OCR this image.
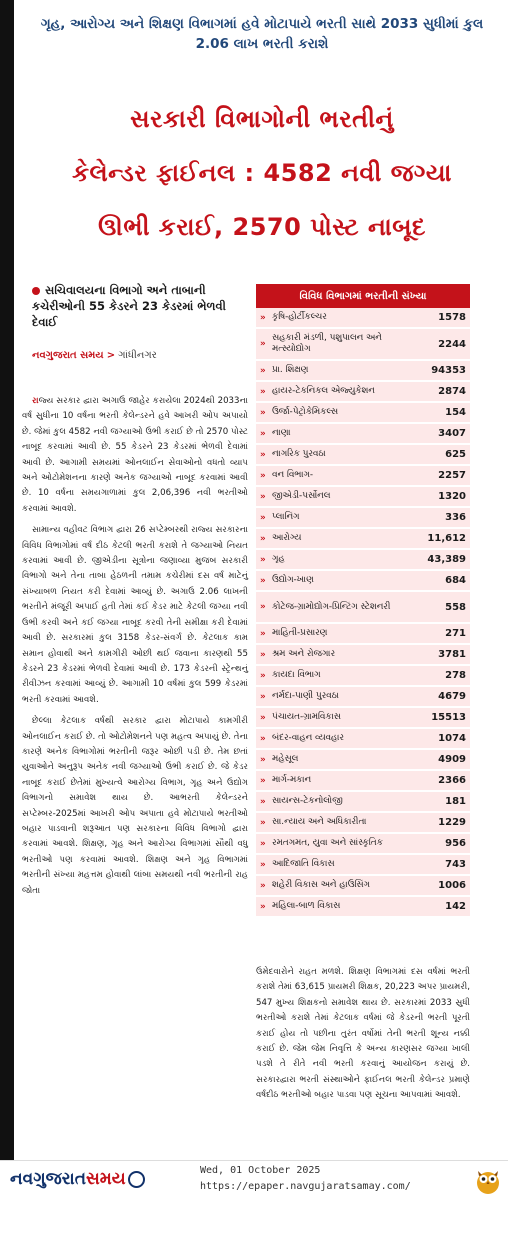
ગૃહ, આરોગ્ય અને શિક્ષણ વિભાગમાં હવે મોટાપાયે ભરતી સાથે 2033 સુધીમાં કુલ 2.06 લાખ ભરતી કરાશે
સરકારી વિભાગોની ભરતીનું
કેલેન્ડર ફાઈનલ : 4582 નવી જગ્યા
ઊભી કરાઈ, 2570 પોસ્ટ નાબૂદ
સચિવાલયના વિભાગો અને તાબાની કચેરીઓની 55 કેડરને 23 કેડરમાં ભેળવી દેવાઈ
નવગુજરાત સમય > ગાંધીનગર

રાજ્ય સરકાર દ્વારા અગાઉ જાહેર કરાયેલા 2024થી 2033ના વર્ષ સુધીના 10 વર્ષના ભરતી કેલેન્ડરને હવે આખરી ઓપ અપાયો છે. જેમાં કુલ 4582 નવી જગ્યાઓ ઉભી કરાઈ છે તો 2570 પોસ્ટ નાબૂદ કરવામાં આવી છે. 55 કેડરને 23 કેડરમાં ભેળવી દેવામાં આવી છે. આગામી સમયમાં ઓનલાઈન સેવાઓનો વધતો વ્યાપ અને ઓટોમેશનના કારણે અનેક જગ્યાઓ નાબૂદ કરવામાં આવી છે. 10 વર્ષના સમયગાળામાં કુલ 2,06,396 નવી ભરતીઓ કરવામાં આવશે.

સામાન્ય વહીવટ વિભાગ દ્વારા 26 સપ્ટેમ્બરથી રાજ્ય સરકારના વિવિધ વિભાગોમાં વર્ષ દીઠ કેટલી ભરતી કરાશે તે જગ્યાઓ નિયત કરવામાં આવી છે. જીએડીના સૂત્રોના જણાવ્યા મુજબ સરકારી વિભાગો અને તેના તાબા હેઠળની તમામ કચેરીમાં દસ વર્ષ માટેનું સંખ્યાબળ નિયત કરી દેવામાં આવ્યું છે. અગાઉ 2.06 લાખની ભરતીને મંજૂરી અપાઈ હતી તેમાં કઈ કેડર માટે કેટલી જગ્યા નવી ઉભી કરવી અને કઈ જગ્યા નાબૂદ કરવી તેની સમીક્ષા કરી દેવામાં આવી છે. સરકારમાં કુલ 3158 કેડર-સંવર્ગ છે. કેટલાક કામ સમાન હોવાથી અને કામગીરી ઓછી થઈ જવાના કારણથી 55 કેડરને 23 કેડરમાં ભેળવી દેવામાં આવી છે. 173 કેડરની સ્ટ્રેન્થનું રીવીઝન કરવામાં આવ્યું છે. આગામી 10 વર્ષમાં કુલ 599 કેડરમાં ભરતી કરવામાં આવશે.

છેલ્લા કેટલાક વર્ષથી સરકાર દ્વારા મોટાપાયે કામગીરી ઓનલાઈન કરાઈ છે. તો ઓટોમેશનને પણ મહત્વ અપાયું છે. તેના કારણે અનેક વિભાગોમાં ભરતીની જરૂર ઓછી પડી છે. તેમ છતાં યુવાઓને અનુરૂપ અનેક નવી જગ્યાઓ ઉભી કરાઈ છે. જે કેડર નાબૂદ કરાઈ છેતેમાં મુખ્યત્વે આરોગ્ય વિભાગ, ગૃહ અને ઉદ્યોગ વિભાગનો સમાવેશ થાય છે. આભરતી કેલેન્ડરને સપ્ટેમ્બર-2025માં આખરી ઓપ અપાતા હવે મોટાપાયે ભરતીઓ બહાર પાડવાની શરૂઆત પણ સરકારના વિવિધ વિભાગો દ્વારા કરવામાં આવશે. શિક્ષણ, ગૃહ અને આરોગ્ય વિભાગમાં સૌથી વધુ ભરતીઓ પણ કરવામાં આવશે. શિક્ષણ અને ગૃહ વિભાગમાં ભરતીની સંખ્યા મહત્તમ હોવાથી લાંબા સમયથી નવી ભરતીની રાહ જોતા

વિવિધ વિભાગમાં ભરતીની સંખ્યા
» કૃષિ-હોર્ટીકલ્ચર	1578
»
સહકારી મંડળી, પશુપાલન અને મત્સ્યોદ્યોગ	2244
» પ્રા. શિક્ષણ	94353
» હાયર-ટેકનિકલ એજ્યુકેશન	2874
» ઉર્જા-પેટ્રોકેમિકલ્સ	154
» નાણા	3407
» નાગરિક પુરવઠા	625
» વન વિભાગ-	2257
» જીએડી-પર્સોનલ	1320
» પ્લાનિંગ	336
» આરોગ્ય	11,612
» ગૃહ	43,389
» ઉદ્યોગ-ખાણ	684
» કોટેજ-ગ્રામોદ્યોગ-પ્રિન્ટિંગ સ્ટેશનરી	558
» માહિતી-પ્રસારણ	271
» શ્રમ અને રોજગાર	3781
» કાયદા વિભાગ	278
» નર્મદા-પાણી પુરવઠા	4679
» પંચાયત-ગ્રામવિકાસ	15513
» બંદર-વાહન વ્યવહાર	1074
» મહેસૂલ	4909
» માર્ગ-મકાન	2366
» સાયન્સ-ટેકનોલોજી	181
» સા.ન્યાય અને અધિકારીતા	1229
» રમતગમત, યુવા અને સાંસ્કૃતિક	956
» આદિજાતિ વિકાસ	743
» શહેરી વિકાસ અને હાઉસિંગ	1006
» મહિલા-બાળ વિકાસ	142
ઉમેદવારોને રાહત મળશે. શિક્ષણ વિભાગમાં દસ વર્ષમાં ભરતી કરાશે તેમાં 63,615 પ્રાયમરી શિક્ષક, 20,223 અપર પ્રાયમરી, 547 મુખ્ય શિક્ષકનો સમાવેશ થાય છે. સરકારમાં 2033 સુધી ભરતીઓ કરાશે તેમાં કેટલાક વર્ષમાં જે કેડરની ભરતી પૂરતી કરાઈ હોય તો પછીના તુરંત વર્ષોમાં તેની ભરતી શૂન્ય નક્કી કરાઈ છે. જેમ જેમ નિવૃત્તિ કે અન્ય કારણસર જગ્યા ખાલી પડશે તે રીતે નવી ભરતી કરવાનું આયોજન કરાયું છે. સરકારદ્વારા ભરતી સંસ્થાઓને ફાઈનલ ભરતી કેલેન્ડર પ્રમાણે વર્ષદીઠ ભરતીઓ બહાર પાડવા પણ સૂચના આપવામાં આવશે.
નવગુજરાતસમય	Wed, 01 October 2025
https://epaper.navgujaratsamay.com/
